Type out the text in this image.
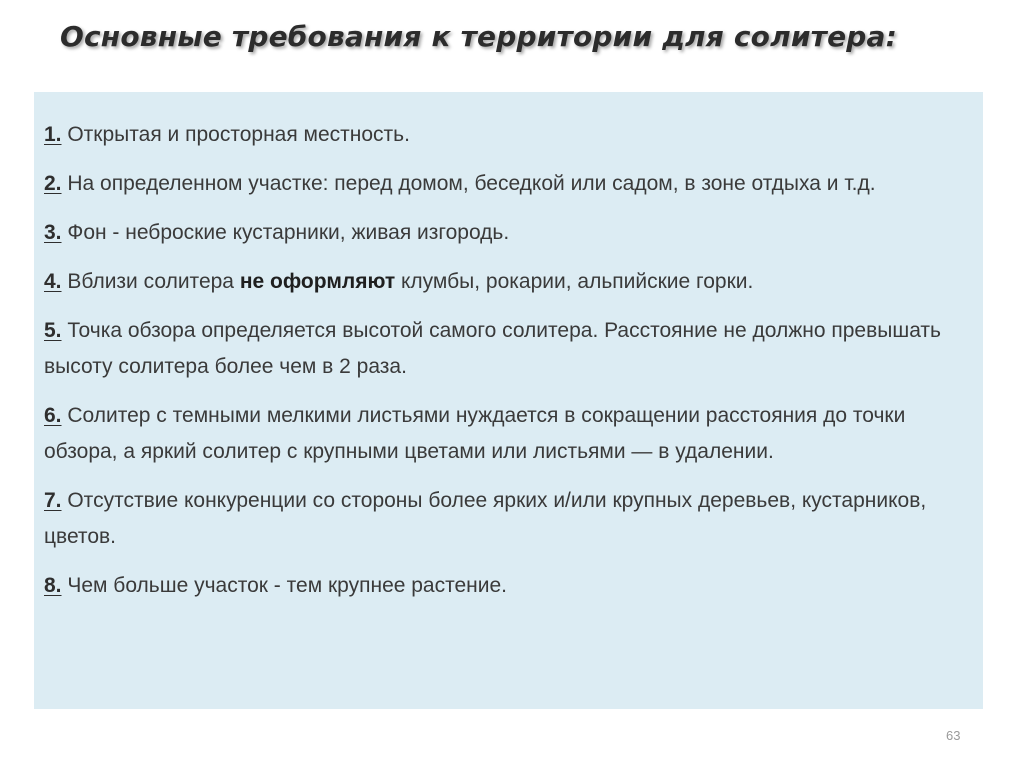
Основные требования к территории для солитера:
1. Открытая и просторная местность.
2. На определенном участке: перед домом, беседкой или садом, в зоне отдыха и т.д.
3. Фон - неброские кустарники, живая изгородь.
4. Вблизи солитера не оформляют клумбы, рокарии, альпийские горки.
5. Точка обзора определяется высотой самого солитера. Расстояние не должно превышать высоту солитера более чем в 2 раза.
6. Солитер с темными мелкими листьями нуждается в сокращении расстояния до точки обзора, а яркий солитер с крупными цветами или листьями — в удалении.
7. Отсутствие конкуренции со стороны более ярких и/или крупных деревьев, кустарников, цветов.
8. Чем больше участок - тем крупнее растение.
63
